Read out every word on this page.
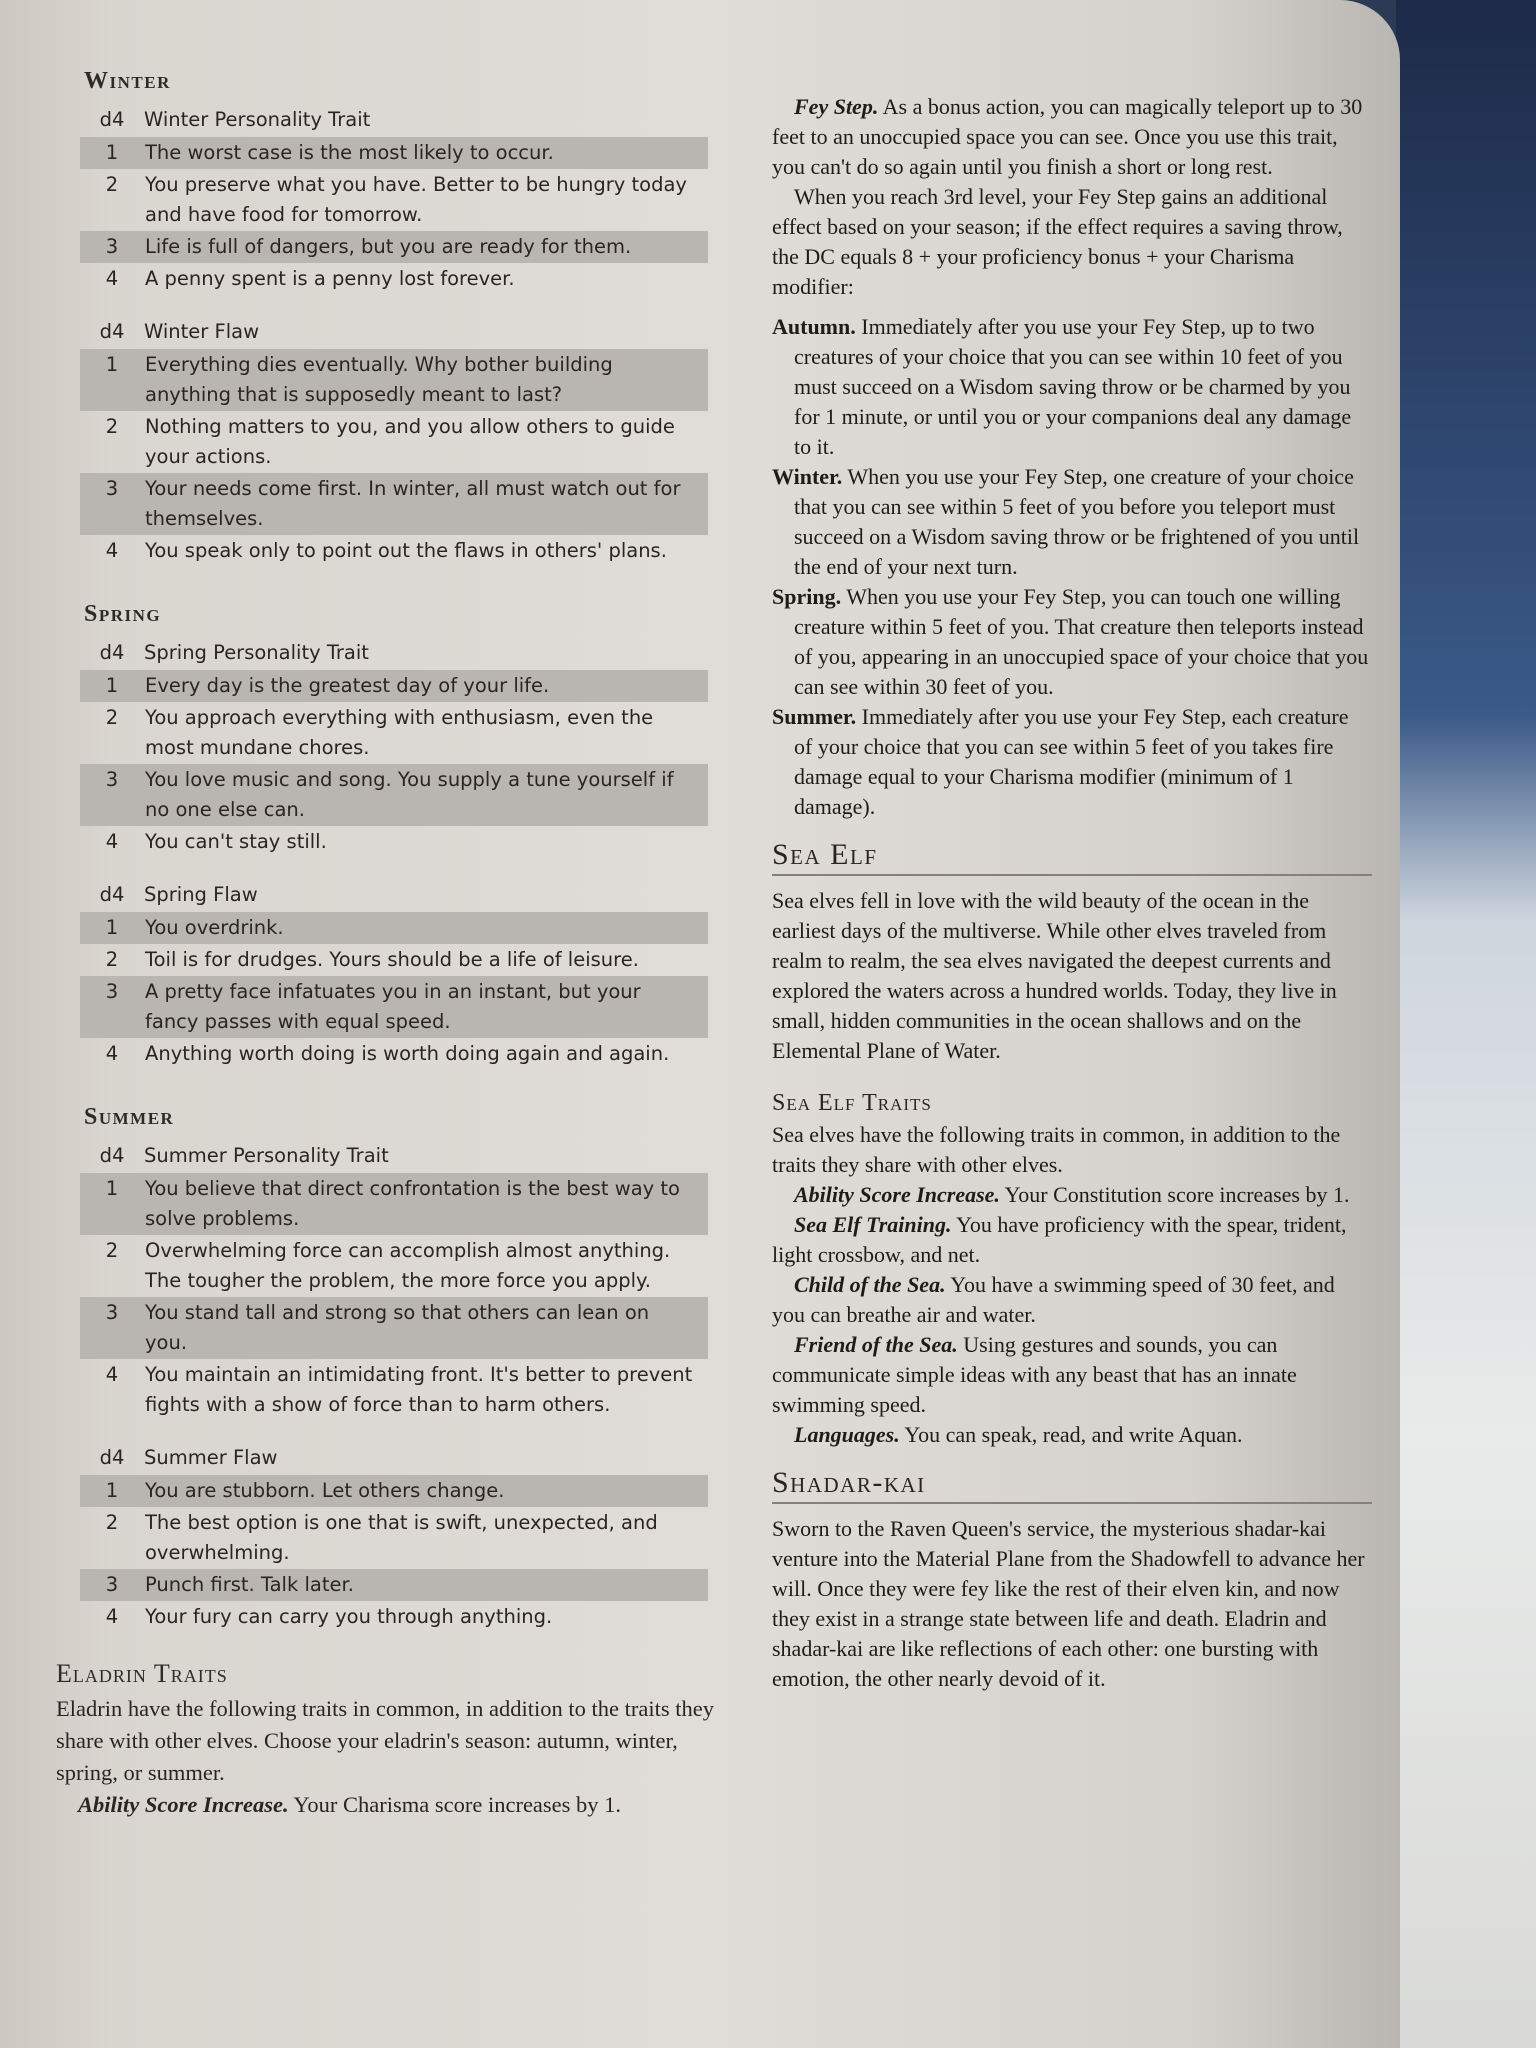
Winter
d4	Winter Personality Trait
1	The worst case is the most likely to occur.
2	You preserve what you have. Better to be hungry today and have food for tomorrow.
3	Life is full of dangers, but you are ready for them.
4	A penny spent is a penny lost forever.
d4	Winter Flaw
1	Everything dies eventually. Why bother building anything that is supposedly meant to last?
2	Nothing matters to you, and you allow others to guide your actions.
3	Your needs come first. In winter, all must watch out for themselves.
4	You speak only to point out the flaws in others' plans.
Spring
d4	Spring Personality Trait
1	Every day is the greatest day of your life.
2	You approach everything with enthusiasm, even the most mundane chores.
3	You love music and song. You supply a tune yourself if no one else can.
4	You can't stay still.
d4	Spring Flaw
1	You overdrink.
2	Toil is for drudges. Yours should be a life of leisure.
3	A pretty face infatuates you in an instant, but your fancy passes with equal speed.
4	Anything worth doing is worth doing again and again.
Summer
d4	Summer Personality Trait
1	You believe that direct confrontation is the best way to solve problems.
2	Overwhelming force can accomplish almost anything. The tougher the problem, the more force you apply.
3	You stand tall and strong so that others can lean on you.
4	You maintain an intimidating front. It's better to prevent fights with a show of force than to harm others.
d4	Summer Flaw
1	You are stubborn. Let others change.
2	The best option is one that is swift, unexpected, and overwhelming.
3	Punch first. Talk later.
4	Your fury can carry you through anything.
Eladrin Traits

Eladrin have the following traits in common, in addition to the traits they share with other elves. Choose your eladrin's season: autumn, winter, spring, or summer.

Ability Score Increase. Your Charisma score increases by 1.

Fey Step. As a bonus action, you can magically teleport up to 30 feet to an unoccupied space you can see. Once you use this trait, you can't do so again until you finish a short or long rest.

When you reach 3rd level, your Fey Step gains an additional effect based on your season; if the effect requires a saving throw, the DC equals 8 + your proficiency bonus + your Charisma modifier:

Autumn. Immediately after you use your Fey Step, up to two creatures of your choice that you can see within 10 feet of you must succeed on a Wisdom saving throw or be charmed by you for 1 minute, or until you or your companions deal any damage to it.

Winter. When you use your Fey Step, one creature of your choice that you can see within 5 feet of you before you teleport must succeed on a Wisdom saving throw or be frightened of you until the end of your next turn.

Spring. When you use your Fey Step, you can touch one willing creature within 5 feet of you. That creature then teleports instead of you, appearing in an unoccupied space of your choice that you can see within 30 feet of you.

Summer. Immediately after you use your Fey Step, each creature of your choice that you can see within 5 feet of you takes fire damage equal to your Charisma modifier (minimum of 1 damage).

Sea Elf

Sea elves fell in love with the wild beauty of the ocean in the earliest days of the multiverse. While other elves traveled from realm to realm, the sea elves navigated the deepest currents and explored the waters across a hundred worlds. Today, they live in small, hidden communities in the ocean shallows and on the Elemental Plane of Water.

Sea Elf Traits

Sea elves have the following traits in common, in addition to the traits they share with other elves.

Ability Score Increase. Your Constitution score increases by 1.

Sea Elf Training. You have proficiency with the spear, trident, light crossbow, and net.

Child of the Sea. You have a swimming speed of 30 feet, and you can breathe air and water.

Friend of the Sea. Using gestures and sounds, you can communicate simple ideas with any beast that has an innate swimming speed.

Languages. You can speak, read, and write Aquan.

Shadar-kai

Sworn to the Raven Queen's service, the mysterious shadar-kai venture into the Material Plane from the Shadowfell to advance her will. Once they were fey like the rest of their elven kin, and now they exist in a strange state between life and death. Eladrin and shadar-kai are like reflections of each other: one bursting with emotion, the other nearly devoid of it.
